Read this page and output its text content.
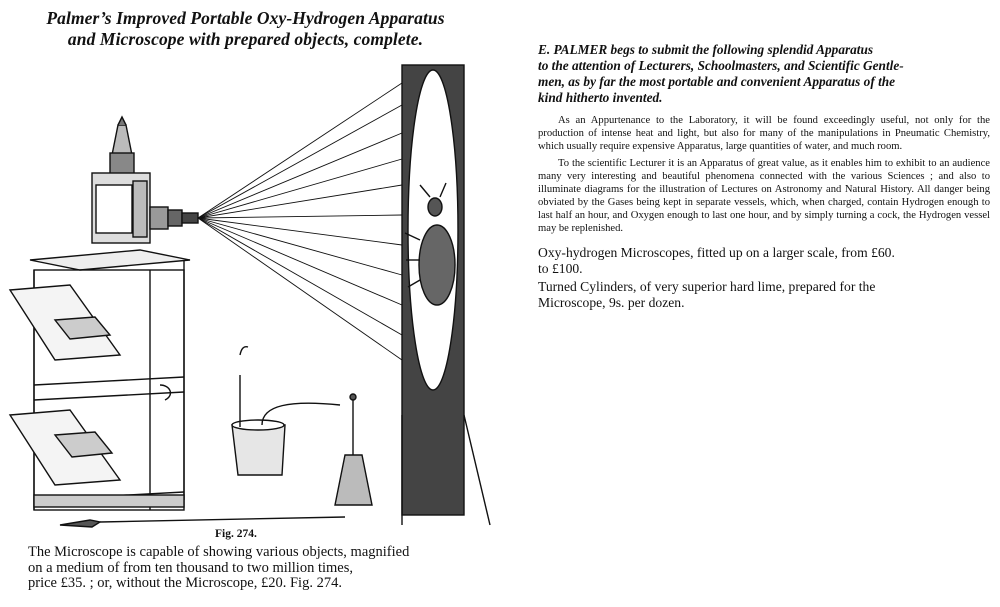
Palmer’s Improved Portable Oxy-Hydrogen Apparatus
and Microscope with prepared objects, complete.
Fig. 274.

The Microscope is capable of showing various objects, magnified

on a medium of from ten thousand to two million times,

price £35. ; or, without the Microscope, £20. Fig. 274.

E. PALMER begs to submit the following splendid Apparatus
to the attention of Lecturers, Schoolmasters, and Scientific Gentle-
men, as by far the most portable and convenient Apparatus of the
kind hitherto invented.

As an Appurtenance to the Laboratory, it will be found exceedingly useful, not only for the production of intense heat and light, but also for many of the manipulations in Pneumatic Chemistry, which usually require expensive Apparatus, large quantities of water, and much room.

To the scientific Lecturer it is an Apparatus of great value, as it enables him to exhibit to an audience many very interesting and beautiful phenomena connected with the various Sciences ; and also to illuminate diagrams for the illustration of Lectures on Astronomy and Natural History. All danger being obviated by the Gases being kept in separate vessels, which, when charged, contain Hydrogen enough to last half an hour, and Oxygen enough to last one hour, and by simply turning a cock, the Hydrogen vessel may be replenished.

Oxy-hydrogen Microscopes, fitted up on a larger scale, from £60.
to £100.
Turned Cylinders, of very superior hard lime, prepared for the
Microscope, 9s. per dozen.
